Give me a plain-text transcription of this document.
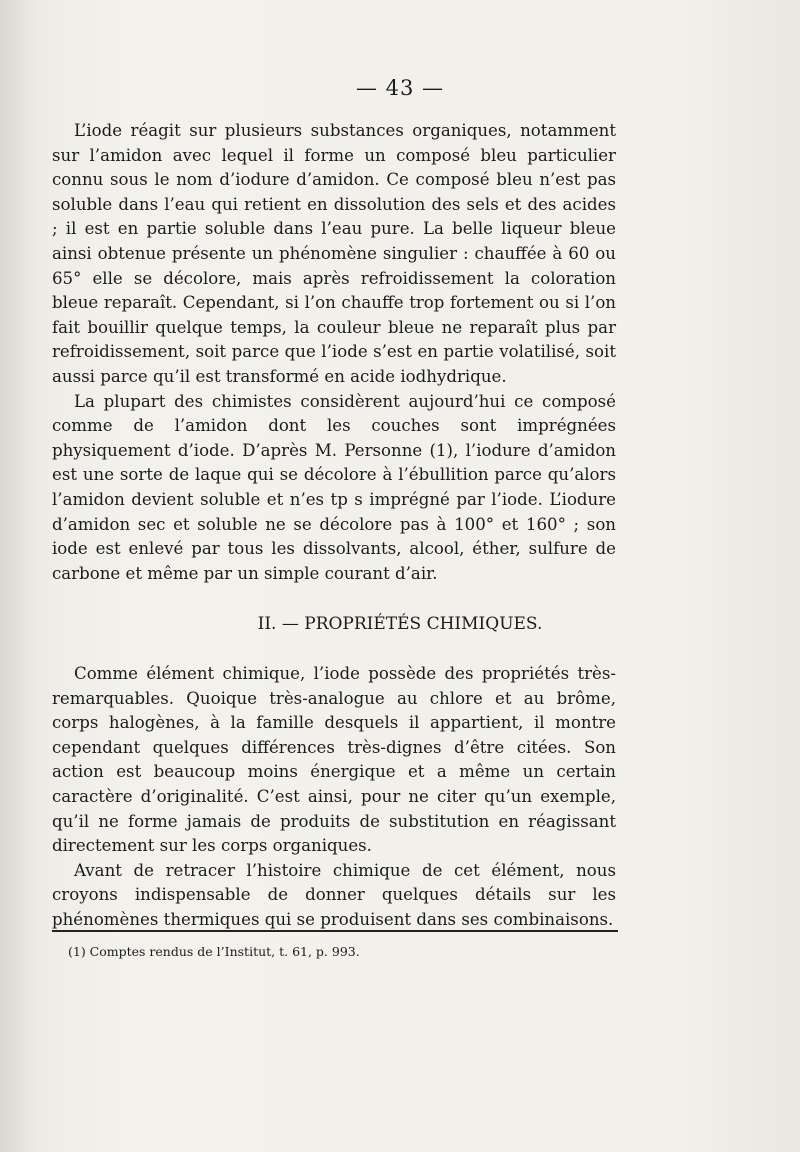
— 43 —

L’iode réagit sur plusieurs substances organiques, notamment sur l’amidon avec lequel il forme un composé bleu particulier connu sous le nom d’iodure d’amidon. Ce composé bleu n’est pas soluble dans l’eau qui retient en dissolution des sels et des acides ; il est en partie soluble dans l’eau pure. La belle liqueur bleue ainsi obtenue présente un phénomène singulier : chauffée à 60 ou 65° elle se décolore, mais après refroidissement la coloration bleue reparaît. Cependant, si l’on chauffe trop fortement ou si l’on fait bouillir quelque temps, la couleur bleue ne reparaît plus par refroidissement, soit parce que l’iode s’est en partie volatilisé, soit aussi parce qu’il est transformé en acide iodhydrique.

La plupart des chimistes considèrent aujourd’hui ce composé comme de l’amidon dont les couches sont imprégnées physiquement d’iode. D’après M. Personne (1), l’iodure d’amidon est une sorte de laque qui se décolore à l’ébullition parce qu’alors l’amidon devient soluble et n’es tp s imprégné par l’iode. L’iodure d’amidon sec et soluble ne se décolore pas à 100° et 160° ; son iode est enlevé par tous les dissolvants, alcool, éther, sulfure de carbone et même par un simple courant d’air.

II. — PROPRIÉTÉS CHIMIQUES.

Comme élément chimique, l’iode possède des propriétés très-remarquables. Quoique très-analogue au chlore et au brôme, corps halogènes, à la famille desquels il appartient, il montre cependant quelques différences très-dignes d’être citées. Son action est beaucoup moins énergique et a même un certain caractère d’originalité. C’est ainsi, pour ne citer qu’un exemple, qu’il ne forme jamais de produits de substitution en réagissant directement sur les corps organiques.

Avant de retracer l’histoire chimique de cet élément, nous croyons indispensable de donner quelques détails sur les phénomènes thermiques qui se produisent dans ses combinaisons.

(1) Comptes rendus de l’Institut, t. 61, p. 993.
